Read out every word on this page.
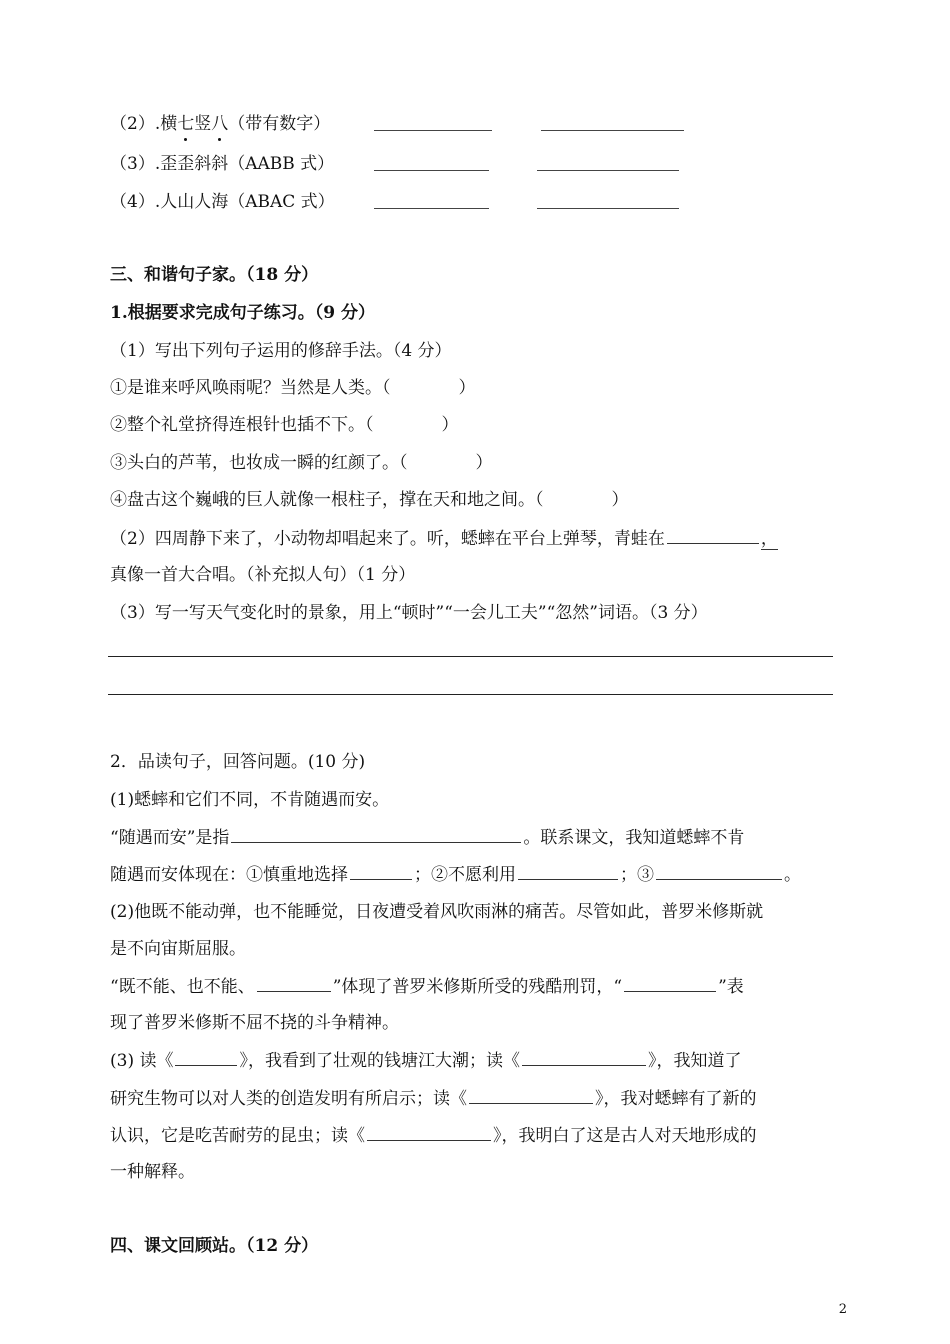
（2）.横七竖八（带有数字）
（3）.歪歪斜斜（AABB 式）
（4）.人山人海（ABAC 式）
三、和谐句子家。（18 分）
1.根据要求完成句子练习。（9 分）
（1）写出下列句子运用的修辞手法。（4 分）
①是谁来呼风唤雨呢？当然是人类。（　　　　）
②整个礼堂挤得连根针也插不下。（　　　　）
③头白的芦苇，也妆成一瞬的红颜了。（　　　　）
④盘古这个巍峨的巨人就像一根柱子，撑在天和地之间。（　　　　）
（2）四周静下来了，小动物却唱起来了。听，蟋蟀在平台上弹琴，青蛙在	，
真像一首大合唱。（补充拟人句）（1 分）
（3）写一写天气变化时的景象，用上“顿时”“一会儿工夫”“忽然”词语。（3 分）
2．品读句子，回答问题。(10 分)
(1)蟋蟀和它们不同，不肯随遇而安。
“随遇而安”是指	。联系课文，我知道蟋蟀不肯
随遇而安体现在：①慎重地选择	；②不愿利用	；③	。
(2)他既不能动弹，也不能睡觉，日夜遭受着风吹雨淋的痛苦。尽管如此，普罗米修斯就
是不向宙斯屈服。
“既不能、也不能、	”体现了普罗米修斯所受的残酷刑罚，“	”表
现了普罗米修斯不屈不挠的斗争精神。
(3) 读《	》，我看到了壮观的钱塘江大潮；读《	》，我知道了
研究生物可以对人类的创造发明有所启示；读《	》，我对蟋蟀有了新的
认识，它是吃苦耐劳的昆虫；读《	》，我明白了这是古人对天地形成的
一种解释。
四、课文回顾站。（12 分）
2
